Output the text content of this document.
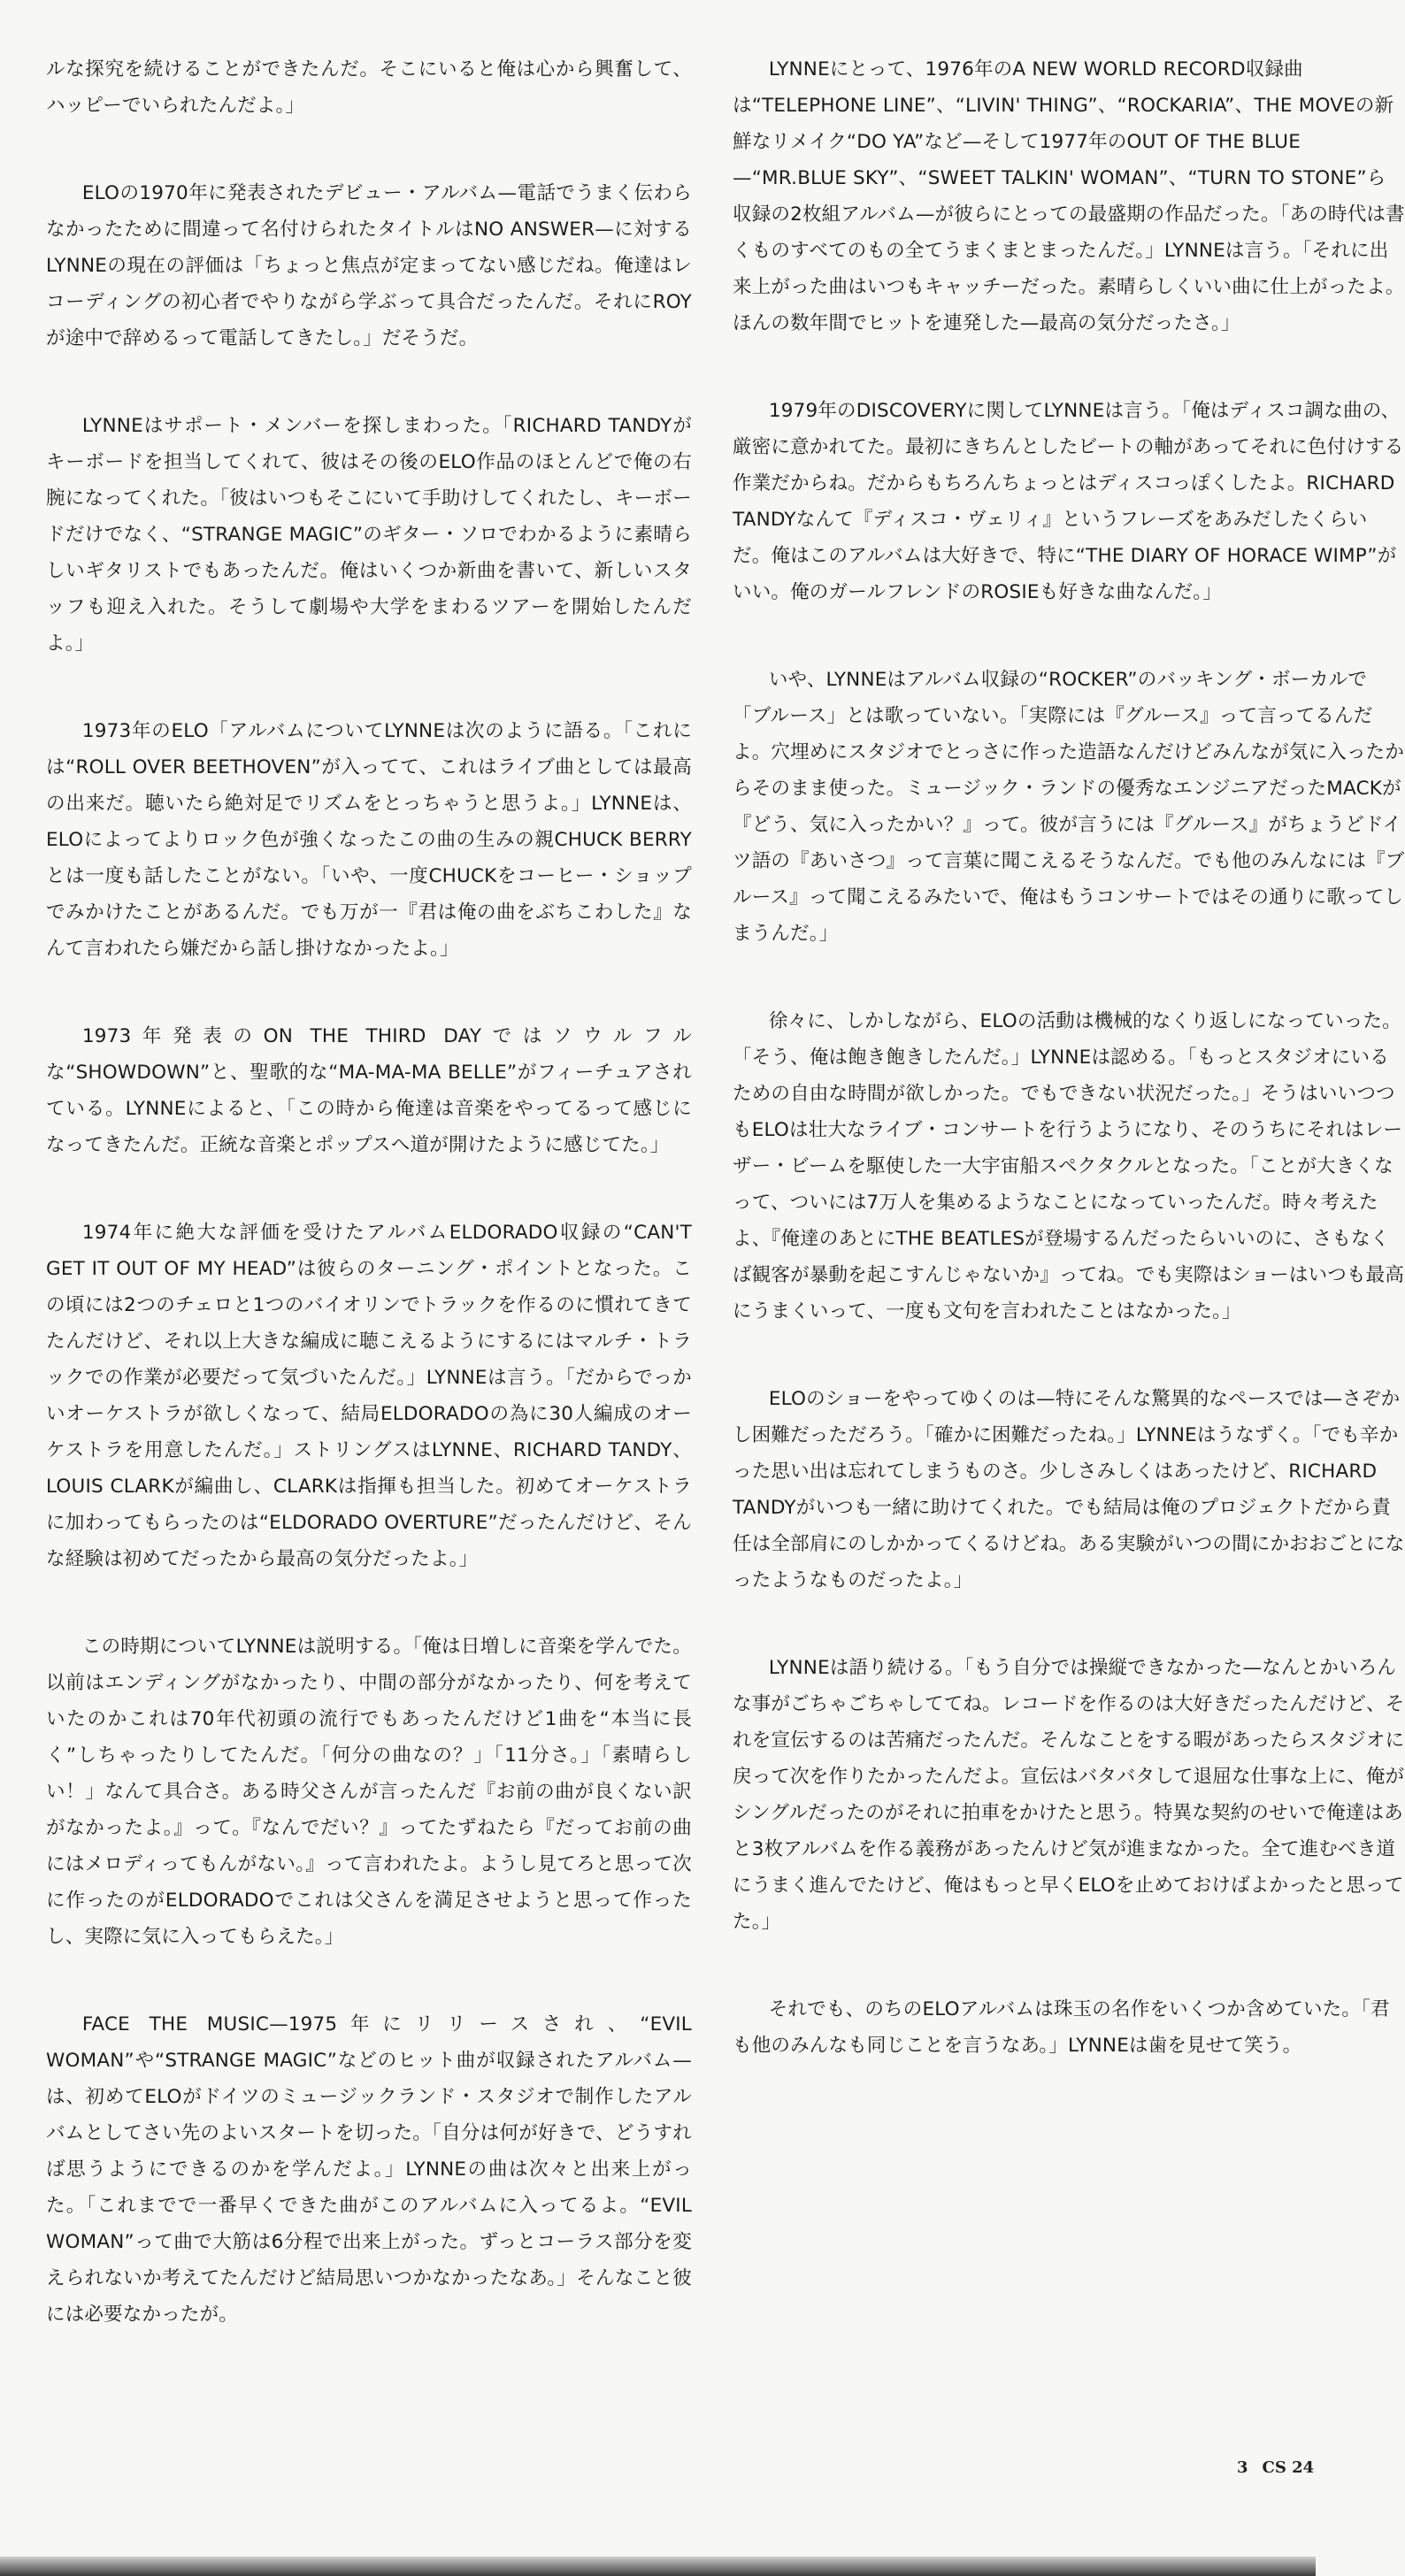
ルな探究を続けることができたんだ。そこにいると俺は心から興奮して、ハッピーでいられたんだよ。」

ELOの1970年に発表されたデビュー・アルバム—電話でうまく伝わらなかったために間違って名付けられたタイトルはNO ANSWER—に対するLYNNEの現在の評価は「ちょっと焦点が定まってない感じだね。俺達はレコーディングの初心者でやりながら学ぶって具合だったんだ。それにROYが途中で辞めるって電話してきたし。」だそうだ。

LYNNEはサポート・メンバーを探しまわった。「RICHARD TANDYがキーボードを担当してくれて、彼はその後のELO作品のほとんどで俺の右腕になってくれた。「彼はいつもそこにいて手助けしてくれたし、キーボードだけでなく、“STRANGE MAGIC”のギター・ソロでわかるように素晴らしいギタリストでもあったんだ。俺はいくつか新曲を書いて、新しいスタッフも迎え入れた。そうして劇場や大学をまわるツアーを開始したんだよ。」

1973年のELO「アルバムについてLYNNEは次のように語る。「これには“ROLL OVER BEETHOVEN”が入ってて、これはライブ曲としては最高の出来だ。聴いたら絶対足でリズムをとっちゃうと思うよ。」LYNNEは、ELOによってよりロック色が強くなったこの曲の生みの親CHUCK BERRY とは一度も話したことがない。「いや、一度CHUCKをコーヒー・ショップでみかけたことがあるんだ。でも万が一『君は俺の曲をぶちこわした』なんて言われたら嫌だから話し掛けなかったよ。」

1973年発表のON THE THIRD DAYではソウルフルな“SHOWDOWN”と、聖歌的な“MA-MA-MA BELLE”がフィーチュアされている。LYNNEによると、「この時から俺達は音楽をやってるって感じになってきたんだ。正統な音楽とポップスへ道が開けたように感じてた。」

1974年に絶大な評価を受けたアルバムELDORADO収録の“CAN'T GET IT OUT OF MY HEAD”は彼らのターニング・ポイントとなった。この頃には2つのチェロと1つのバイオリンでトラックを作るのに慣れてきてたんだけど、それ以上大きな編成に聴こえるようにするにはマルチ・トラックでの作業が必要だって気づいたんだ。」LYNNEは言う。「だからでっかいオーケストラが欲しくなって、結局ELDORADOの為に30人編成のオーケストラを用意したんだ。」ストリングスはLYNNE、RICHARD TANDY、LOUIS CLARKが編曲し、CLARKは指揮も担当した。初めてオーケストラに加わってもらったのは“ELDORADO OVERTURE”だったんだけど、そんな経験は初めてだったから最高の気分だったよ。」

この時期についてLYNNEは説明する。「俺は日増しに音楽を学んでた。以前はエンディングがなかったり、中間の部分がなかったり、何を考えていたのかこれは70年代初頭の流行でもあったんだけど1曲を“本当に長く”しちゃったりしてたんだ。「何分の曲なの？」「11分さ。」「素晴らしい！」なんて具合さ。ある時父さんが言ったんだ『お前の曲が良くない訳がなかったよ。』って。『なんでだい？』ってたずねたら『だってお前の曲にはメロディってもんがない。』って言われたよ。ようし見てろと思って次に作ったのがELDORADOでこれは父さんを満足させようと思って作ったし、実際に気に入ってもらえた。」

FACE THE MUSIC—1975年にリリースされ、“EVIL WOMAN”や“STRANGE MAGIC”などのヒット曲が収録されたアルバム— は、初めてELOがドイツのミュージックランド・スタジオで制作したアルバムとしてさい先のよいスタートを切った。「自分は何が好きで、どうすれば思うようにできるのかを学んだよ。」LYNNEの曲は次々と出来上がった。「これまでで一番早くできた曲がこのアルバムに入ってるよ。“EVIL WOMAN”って曲で大筋は6分程で出来上がった。ずっとコーラス部分を変えられないか考えてたんだけど結局思いつかなかったなあ。」そんなこと彼には必要なかったが。

LYNNEにとって、1976年のA NEW WORLD RECORD収録曲は“TELEPHONE LINE”、“LIVIN' THING”、“ROCKARIA”、THE MOVEの新鮮なリメイク“DO YA”など—そして1977年のOUT OF THE BLUE—“MR.BLUE SKY”、“SWEET TALKIN' WOMAN”、“TURN TO STONE”ら収録の2枚組アルバム—が彼らにとっての最盛期の作品だった。「あの時代は書くものすべてのもの全てうまくまとまったんだ。」LYNNEは言う。「それに出来上がった曲はいつもキャッチーだった。素晴らしくいい曲に仕上がったよ。ほんの数年間でヒットを連発した—最高の気分だったさ。」

1979年のDISCOVERYに関してLYNNEは言う。「俺はディスコ調な曲の、厳密に意かれてた。最初にきちんとしたビートの軸があってそれに色付けする作業だからね。だからもちろんちょっとはディスコっぽくしたよ。RICHARD TANDYなんて『ディスコ・ヴェリィ』というフレーズをあみだしたくらいだ。俺はこのアルバムは大好きで、特に“THE DIARY OF HORACE WIMP”がいい。俺のガールフレンドのROSIEも好きな曲なんだ。」

いや、LYNNEはアルバム収録の“ROCKER”のバッキング・ボーカルで「ブルース」とは歌っていない。「実際には『グルース』って言ってるんだよ。穴埋めにスタジオでとっさに作った造語なんだけどみんなが気に入ったからそのまま使った。ミュージック・ランドの優秀なエンジニアだったMACKが『どう、気に入ったかい？』って。彼が言うには『グルース』がちょうどドイツ語の『あいさつ』って言葉に聞こえるそうなんだ。でも他のみんなには『ブルース』って聞こえるみたいで、俺はもうコンサートではその通りに歌ってしまうんだ。」

徐々に、しかしながら、ELOの活動は機械的なくり返しになっていった。「そう、俺は飽き飽きしたんだ。」LYNNEは認める。「もっとスタジオにいるための自由な時間が欲しかった。でもできない状況だった。」そうはいいつつもELOは壮大なライブ・コンサートを行うようになり、そのうちにそれはレーザー・ビームを駆使した一大宇宙船スペクタクルとなった。「ことが大きくなって、ついには7万人を集めるようなことになっていったんだ。時々考えたよ、『俺達のあとにTHE BEATLESが登場するんだったらいいのに、さもなくば観客が暴動を起こすんじゃないか』ってね。でも実際はショーはいつも最高にうまくいって、一度も文句を言われたことはなかった。」

ELOのショーをやってゆくのは—特にそんな驚異的なペースでは—さぞかし困難だっただろう。「確かに困難だったね。」LYNNEはうなずく。「でも辛かった思い出は忘れてしまうものさ。少しさみしくはあったけど、RICHARD TANDYがいつも一緒に助けてくれた。でも結局は俺のプロジェクトだから責任は全部肩にのしかかってくるけどね。ある実験がいつの間にかおおごとになったようなものだったよ。」

LYNNEは語り続ける。「もう自分では操縦できなかった—なんとかいろんな事がごちゃごちゃしててね。レコードを作るのは大好きだったんだけど、それを宣伝するのは苦痛だったんだ。そんなことをする暇があったらスタジオに戻って次を作りたかったんだよ。宣伝はバタバタして退屈な仕事な上に、俺がシングルだったのがそれに拍車をかけたと思う。特異な契約のせいで俺達はあと3枚アルバムを作る義務があったんけど気が進まなかった。全て進むべき道にうまく進んでたけど、俺はもっと早くELOを止めておけばよかったと思ってた。」

それでも、のちのELOアルバムは珠玉の名作をいくつか含めていた。「君も他のみんなも同じことを言うなあ。」LYNNEは歯を見せて笑う。

3 CS 24
